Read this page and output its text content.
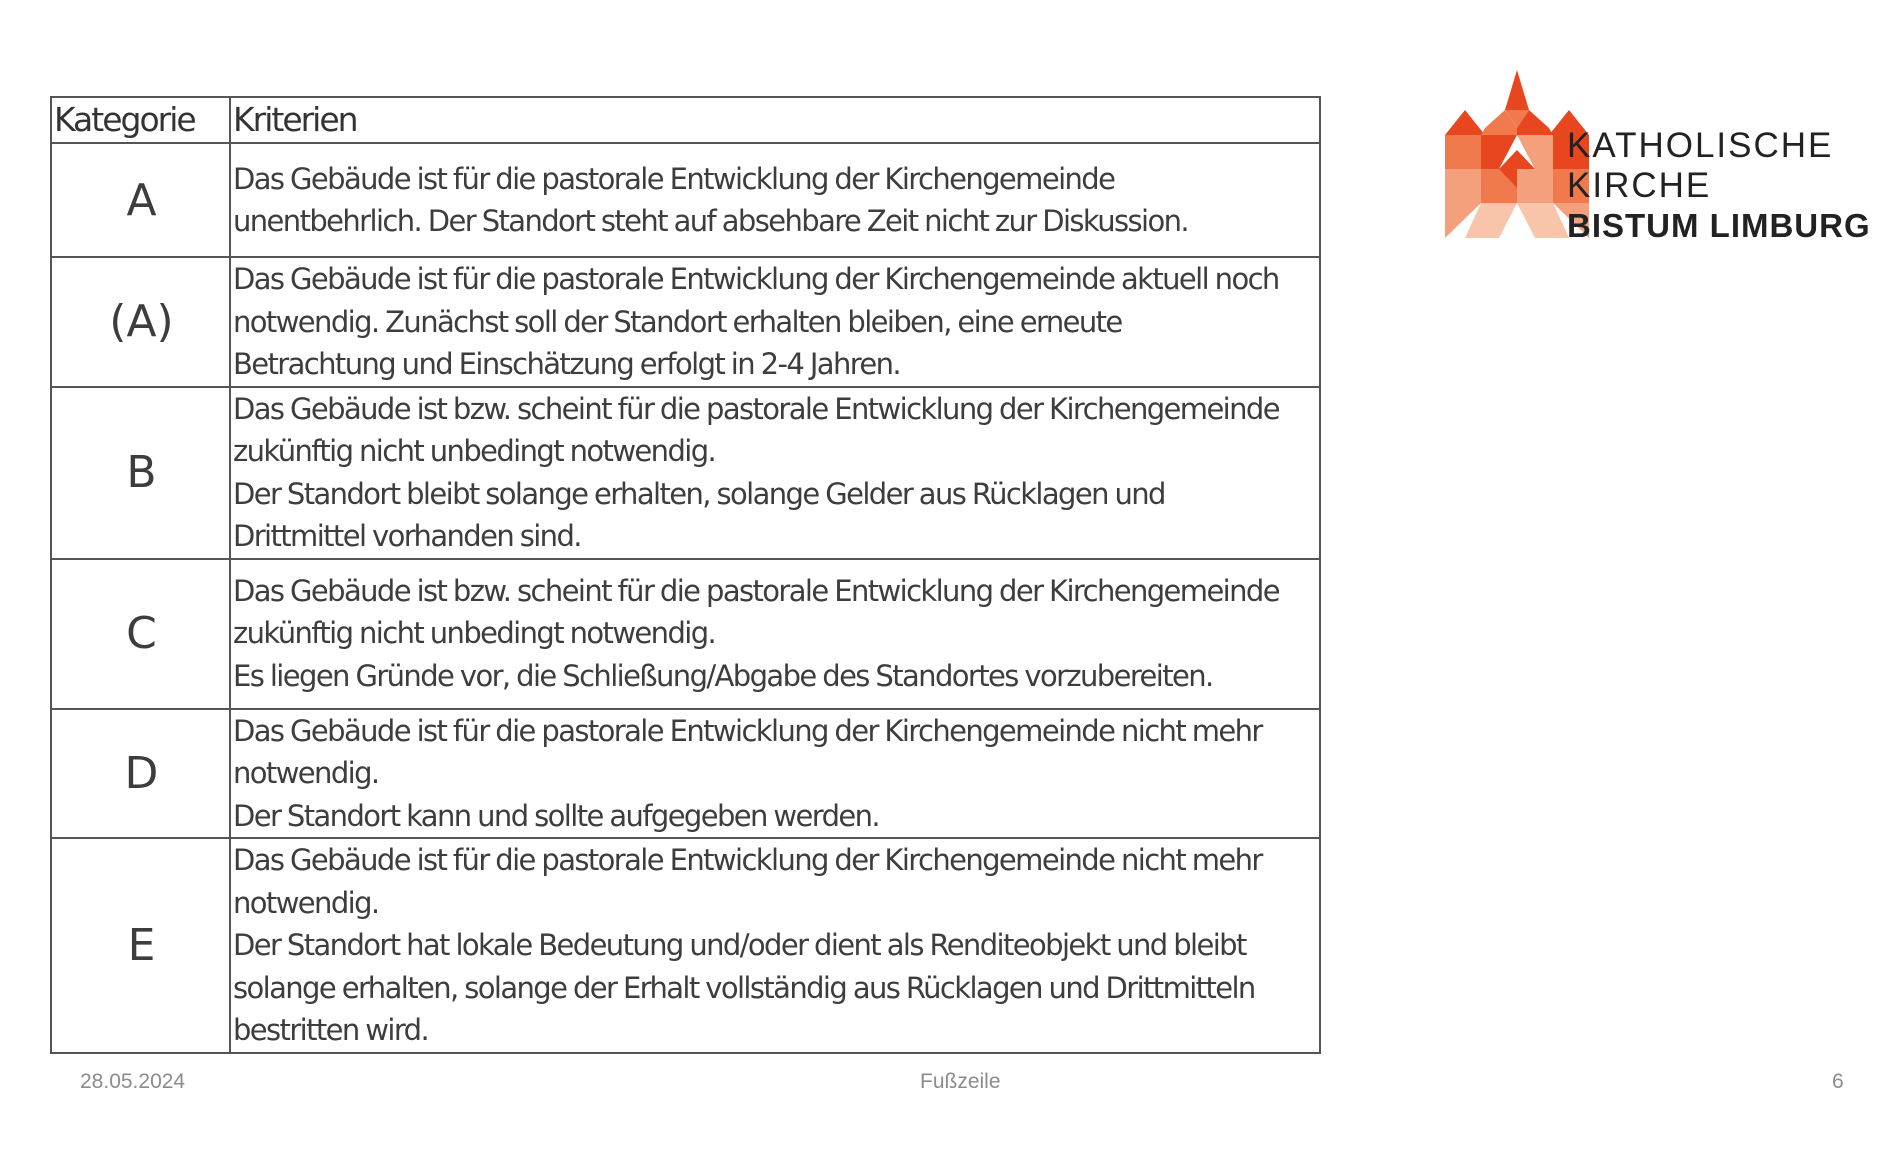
Kategorie	Kriterien
A	Das Gebäude ist für die pastorale Entwicklung der Kirchengemeinde
unentbehrlich. Der Standort steht auf absehbare Zeit nicht zur Diskussion.

(A)	Das Gebäude ist für die pastorale Entwicklung der Kirchengemeinde aktuell noch
notwendig. Zunächst soll der Standort erhalten bleiben, eine erneute
Betrachtung und Einschätzung erfolgt in 2-4 Jahren.

B	Das Gebäude ist bzw. scheint für die pastorale Entwicklung der Kirchengemeinde
zukünftig nicht unbedingt notwendig.
Der Standort bleibt solange erhalten, solange Gelder aus Rücklagen und
Drittmittel vorhanden sind.

C	Das Gebäude ist bzw. scheint für die pastorale Entwicklung der Kirchengemeinde
zukünftig nicht unbedingt notwendig.
Es liegen Gründe vor, die Schließung/Abgabe des Standortes vorzubereiten.

D	Das Gebäude ist für die pastorale Entwicklung der Kirchengemeinde nicht mehr
notwendig.
Der Standort kann und sollte aufgegeben werden.

E	Das Gebäude ist für die pastorale Entwicklung der Kirchengemeinde nicht mehr
notwendig.
Der Standort hat lokale Bedeutung und/oder dient als Renditeobjekt und bleibt
solange erhalten, solange der Erhalt vollständig aus Rücklagen und Drittmitteln
bestritten wird.
KATHOLISCHE
KIRCHE
BISTUM LIMBURG
28.05.2024	Fußzeile	6
